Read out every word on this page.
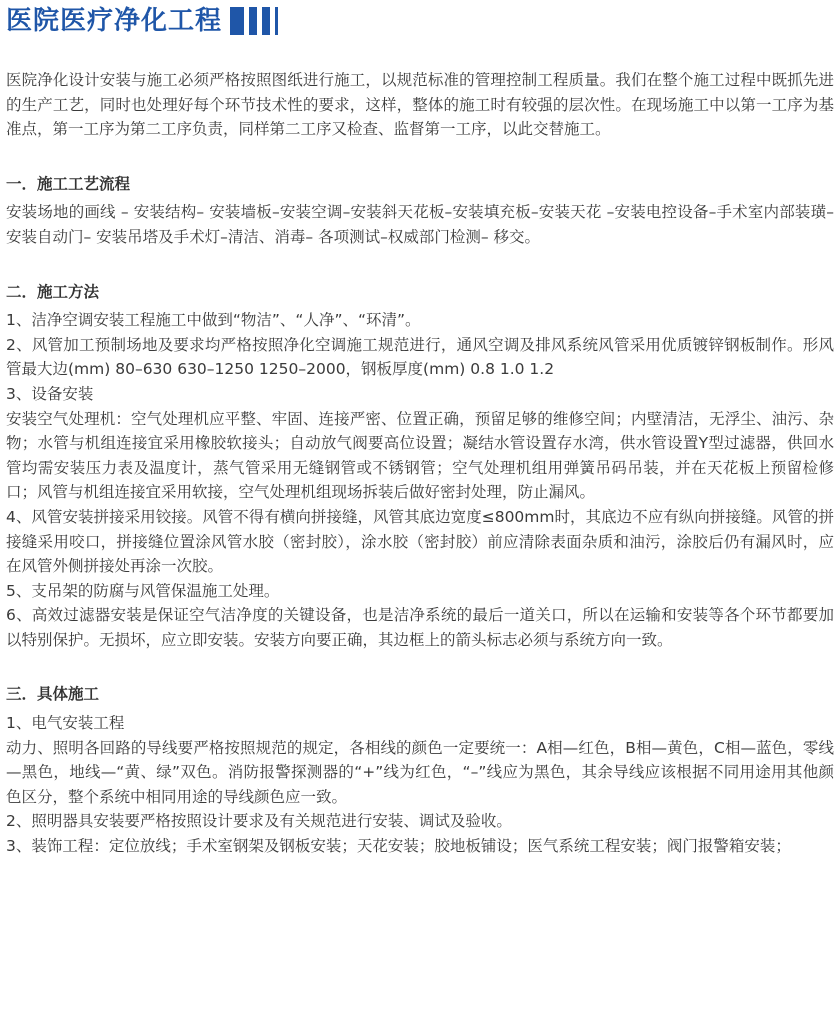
医院医疗净化工程

医院净化设计安装与施工必须严格按照图纸进行施工，以规范标准的管理控制工程质量。我们在整个施工过程中既抓先进的生产工艺，同时也处理好每个环节技术性的要求，这样，整体的施工时有较强的层次性。在现场施工中以第一工序为基准点，第一工序为第二工序负责，同样第二工序又检查、监督第一工序，以此交替施工。

一．施工工艺流程

安装场地的画线 – 安装结构– 安装墙板–安装空调–安装斜天花板–安装填充板–安装天花 –安装电控设备–手术室内部装璜–安装自动门– 安装吊塔及手术灯–清洁、消毒– 各项测试–权威部门检测– 移交。

二．施工方法

1、洁净空调安装工程施工中做到“物洁”、“人净”、“环清”。

2、风管加工预制场地及要求均严格按照净化空调施工规范进行，通风空调及排风系统风管采用优质镀锌钢板制作。形风管最大边(mm) 80–630 630–1250 1250–2000，钢板厚度(mm) 0.8 1.0 1.2

3、设备安装

安装空气处理机：空气处理机应平整、牢固、连接严密、位置正确，预留足够的维修空间；内壁清洁，无浮尘、油污、杂物；水管与机组连接宜采用橡胶软接头；自动放气阀要高位设置；凝结水管设置存水湾，供水管设置Y型过滤器，供回水管均需安装压力表及温度计，蒸气管采用无缝钢管或不锈钢管；空气处理机组用弹簧吊码吊装，并在天花板上预留检修口；风管与机组连接宜采用软接，空气处理机组现场拆装后做好密封处理，防止漏风。

4、风管安装拼接采用铰接。风管不得有横向拼接缝，风管其底边宽度≤800mm时，其底边不应有纵向拼接缝。风管的拼接缝采用咬口，拼接缝位置涂风管水胶（密封胶），涂水胶（密封胶）前应清除表面杂质和油污，涂胶后仍有漏风时，应在风管外侧拼接处再涂一次胶。

5、支吊架的防腐与风管保温施工处理。

6、高效过滤器安装是保证空气洁净度的关键设备，也是洁净系统的最后一道关口，所以在运输和安装等各个环节都要加以特别保护。无损坏，应立即安装。安装方向要正确，其边框上的箭头标志必须与系统方向一致。

三．具体施工

1、电气安装工程

动力、照明各回路的导线要严格按照规范的规定，各相线的颜色一定要统一：A相—红色，B相—黄色，C相—蓝色，零线—黑色，地线—“黄、绿”双色。消防报警探测器的“+”线为红色，“–”线应为黑色，其余导线应该根据不同用途用其他颜色区分，整个系统中相同用途的导线颜色应一致。

2、照明器具安装要严格按照设计要求及有关规范进行安装、调试及验收。

3、装饰工程：定位放线；手术室钢架及钢板安装；天花安装；胶地板铺设；医气系统工程安装；阀门报警箱安装；
